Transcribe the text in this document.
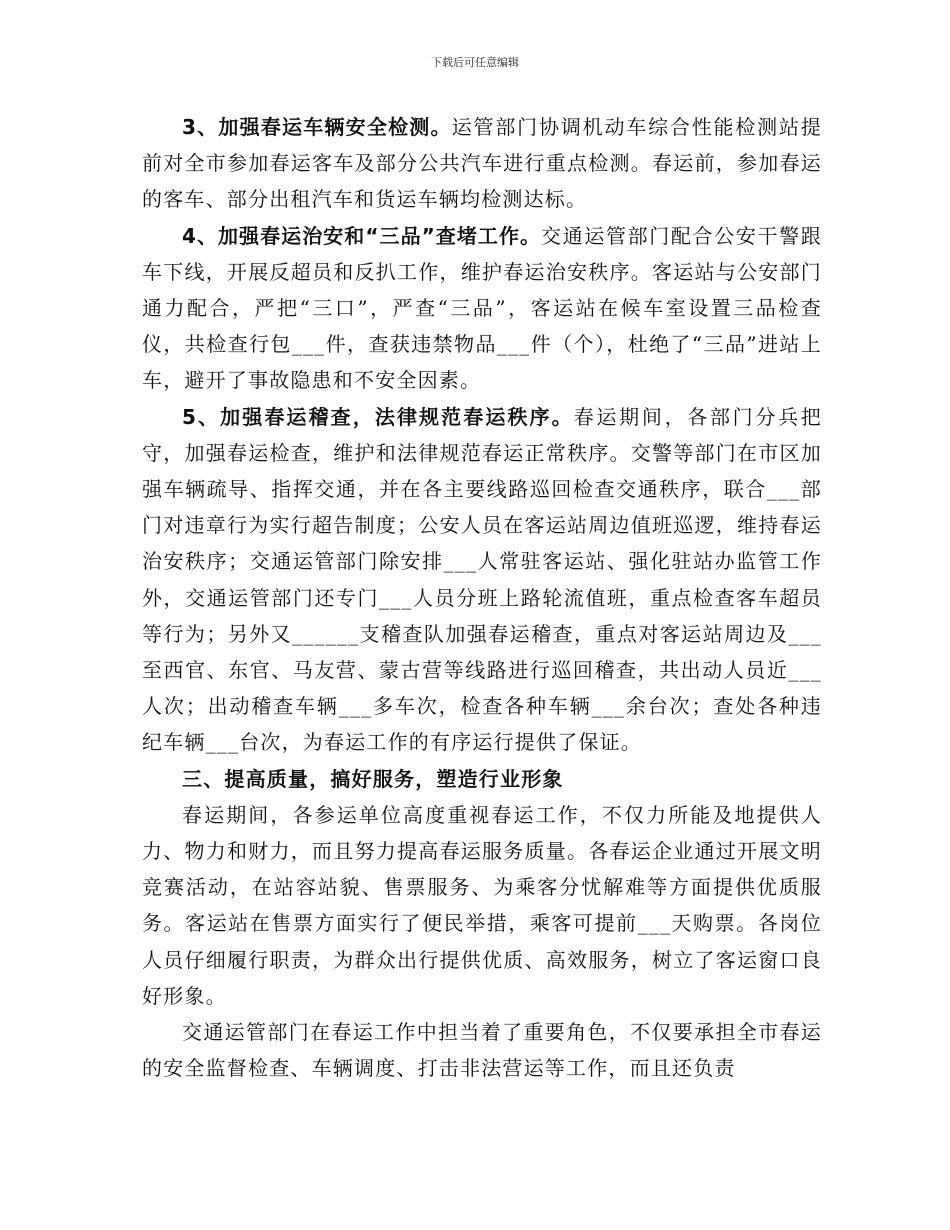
下载后可任意编辑

3、加强春运车辆安全检测。运管部门协调机动车综合性能检测站提前对全市参加春运客车及部分公共汽车进行重点检测。春运前，参加春运的客车、部分出租汽车和货运车辆均检测达标。

4、加强春运治安和“三品”查堵工作。交通运管部门配合公安干警跟车下线，开展反超员和反扒工作，维护春运治安秩序。客运站与公安部门通力配合，严把“三口”，严查“三品”，客运站在候车室设置三品检查仪，共检查行包___件，查获违禁物品___件（个），杜绝了“三品”进站上车，避开了事故隐患和不安全因素。

5、加强春运稽查，法律规范春运秩序。春运期间，各部门分兵把守，加强春运检查，维护和法律规范春运正常秩序。交警等部门在市区加强车辆疏导、指挥交通，并在各主要线路巡回检查交通秩序，联合___部门对违章行为实行超告制度；公安人员在客运站周边值班巡逻，维持春运治安秩序；交通运管部门除安排___人常驻客运站、强化驻站办监管工作外，交通运管部门还专门___人员分班上路轮流值班，重点检查客车超员等行为；另外又______支稽查队加强春运稽查，重点对客运站周边及___至西官、东官、马友营、蒙古营等线路进行巡回稽查，共出动人员近___人次；出动稽查车辆___多车次，检查各种车辆___余台次；查处各种违纪车辆___台次，为春运工作的有序运行提供了保证。

三、提高质量，搞好服务，塑造行业形象

春运期间，各参运单位高度重视春运工作，不仅力所能及地提供人力、物力和财力，而且努力提高春运服务质量。各春运企业通过开展文明竞赛活动，在站容站貌、售票服务、为乘客分忧解难等方面提供优质服务。客运站在售票方面实行了便民举措，乘客可提前___天购票。各岗位人员仔细履行职责，为群众出行提供优质、高效服务，树立了客运窗口良好形象。

交通运管部门在春运工作中担当着了重要角色，不仅要承担全市春运的安全监督检查、车辆调度、打击非法营运等工作，而且还负责
